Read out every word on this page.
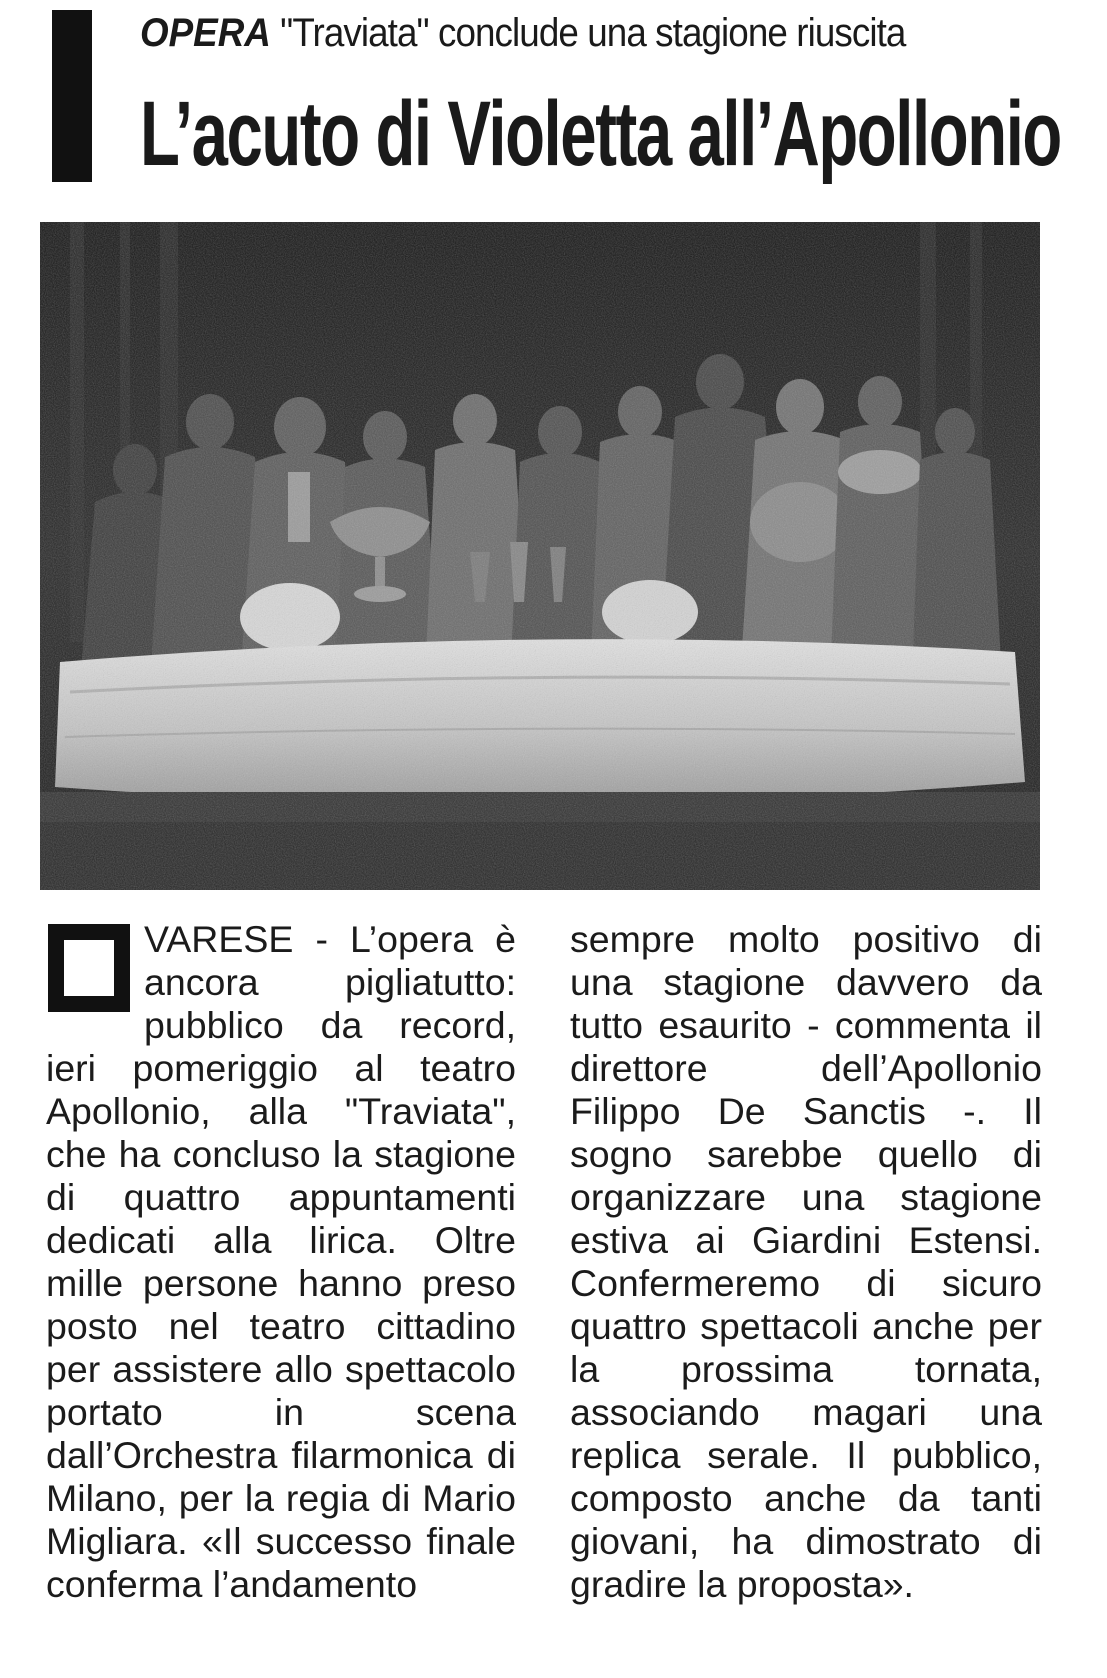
OPERA "Traviata" conclude una stagione riuscita
L’acuto di Violetta all’Apollonio
VARESE - L’opera è ancora pigliatutto: pubblico da record, ieri pomeriggio al teatro Apollonio, alla "Traviata", che ha concluso la stagione di quattro appuntamenti dedicati alla lirica. Oltre mille persone hanno preso posto nel teatro cittadino per assistere allo spettacolo portato in scena dall’Orchestra filarmonica di Milano, per la regia di Mario Migliara. «Il successo finale conferma l’andamento
sempre molto positivo di una stagione davvero da tutto esaurito - commenta il direttore dell’Apollonio Filippo De Sanctis -. Il sogno sarebbe quello di organizzare una stagione estiva ai Giardini Estensi. Confermeremo di sicuro quattro spettacoli anche per la prossima tornata, associando magari una replica serale. Il pubblico, composto anche da tanti giovani, ha dimostrato di gradire la proposta».
